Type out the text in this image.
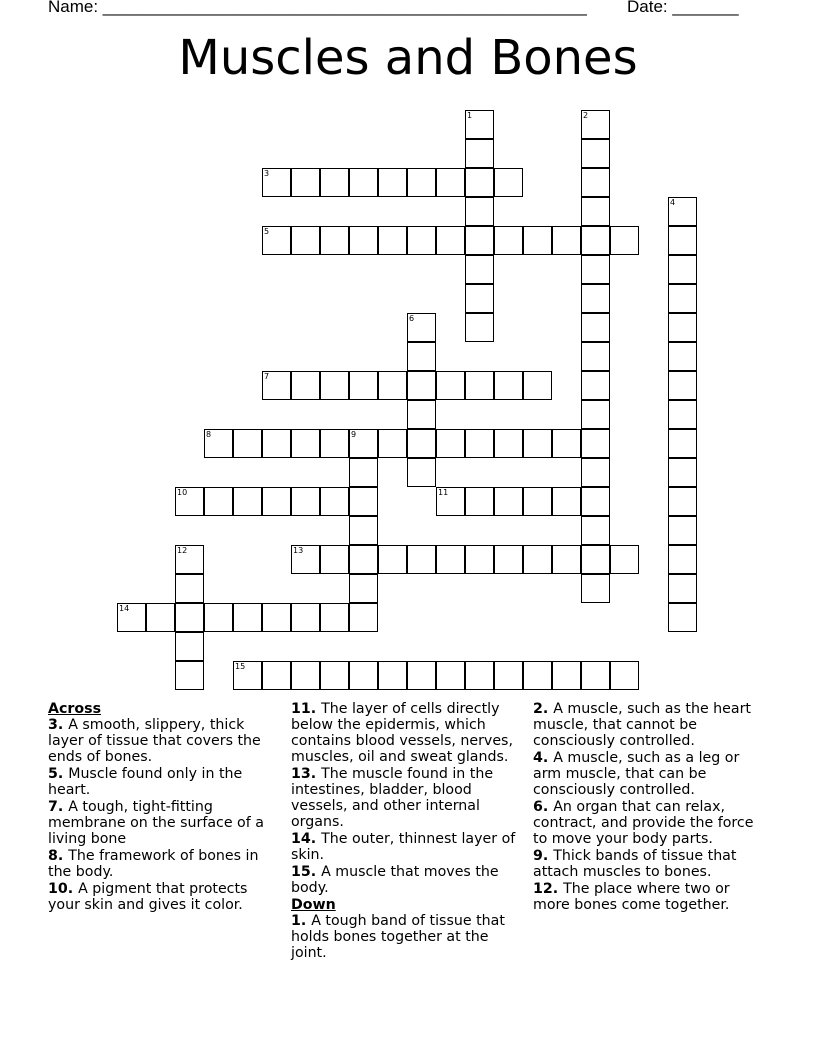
Name: ____________________________________________________ Date: _______
Muscles and Bones
1	2
3
4
5
6
7
8	9
10	11
12	13
14
15
Across
3. A smooth, slippery, thick layer of tissue that covers the ends of bones.
5. Muscle found only in the heart.
7. A tough, tight-fitting membrane on the surface of a living bone
8. The framework of bones in the body.
10. A pigment that protects your skin and gives it color.
11. The layer of cells directly below the epidermis, which contains blood vessels, nerves, muscles, oil and sweat glands.
13. The muscle found in the intestines, bladder, blood vessels, and other internal organs.
14. The outer, thinnest layer of skin.
15. A muscle that moves the body.
Down
1. A tough band of tissue that holds bones together at the joint.
2. A muscle, such as the heart muscle, that cannot be consciously controlled.
4. A muscle, such as a leg or arm muscle, that can be consciously controlled.
6. An organ that can relax, contract, and provide the force to move your body parts.
9. Thick bands of tissue that attach muscles to bones.
12. The place where two or more bones come together.
